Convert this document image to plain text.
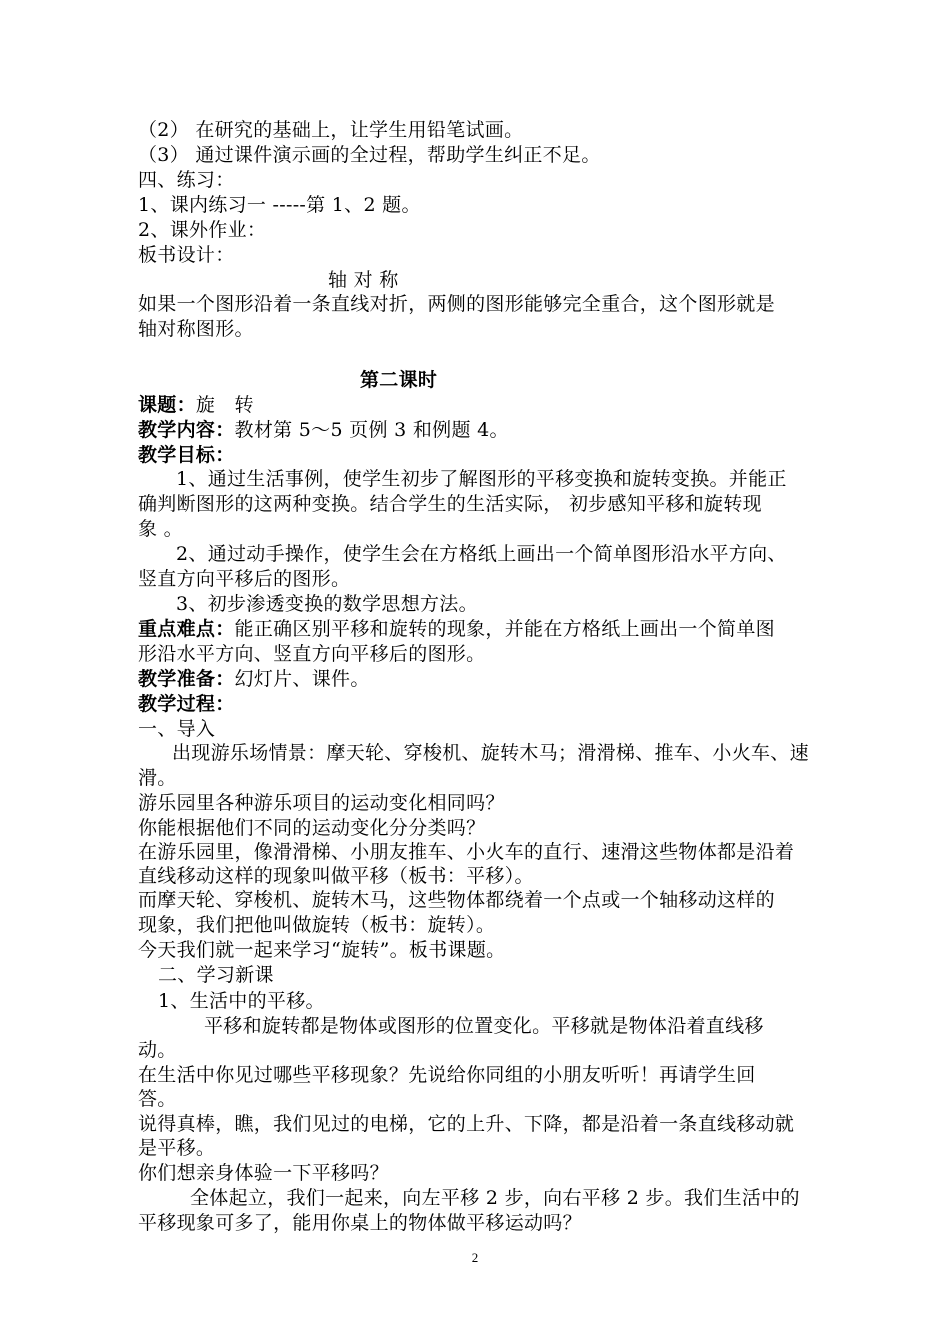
（2） 在研究的基础上，让学生用铅笔试画。
（3） 通过课件演示画的全过程，帮助学生纠正不足。
四、练习：
1、课内练习一 -----第 1、2 题。
2、课外作业：
板书设计：
轴 对 称
如果一个图形沿着一条直线对折，两侧的图形能够完全重合，这个图形就是
轴对称图形。
第二课时
课题：旋　转
教学内容：教材第 5～5 页例 3 和例题 4。
教学目标：
1、通过生活事例，使学生初步了解图形的平移变换和旋转变换。并能正
确判断图形的这两种变换。结合学生的生活实际， 初步感知平移和旋转现
象 。
2、通过动手操作，使学生会在方格纸上画出一个简单图形沿水平方向、
竖直方向平移后的图形。
3、初步渗透变换的数学思想方法。
重点难点：能正确区别平移和旋转的现象，并能在方格纸上画出一个简单图
形沿水平方向、竖直方向平移后的图形。
教学准备：幻灯片、课件。
教学过程：
一、导入
出现游乐场情景：摩天轮、穿梭机、旋转木马；滑滑梯、推车、小火车、速
滑。
游乐园里各种游乐项目的运动变化相同吗？
你能根据他们不同的运动变化分分类吗？
在游乐园里，像滑滑梯、小朋友推车、小火车的直行、速滑这些物体都是沿着
直线移动这样的现象叫做平移（板书：平移）。
而摩天轮、穿梭机、旋转木马，这些物体都绕着一个点或一个轴移动这样的
现象，我们把他叫做旋转（板书：旋转）。
今天我们就一起来学习“旋转”。板书课题。
二、学习新课
1、生活中的平移。
平移和旋转都是物体或图形的位置变化。平移就是物体沿着直线移
动。
在生活中你见过哪些平移现象？先说给你同组的小朋友听听！再请学生回
答。
说得真棒，瞧，我们见过的电梯，它的上升、下降，都是沿着一条直线移动就
是平移。
你们想亲身体验一下平移吗？
全体起立，我们一起来，向左平移 2 步，向右平移 2 步。我们生活中的
平移现象可多了，能用你桌上的物体做平移运动吗？
2
